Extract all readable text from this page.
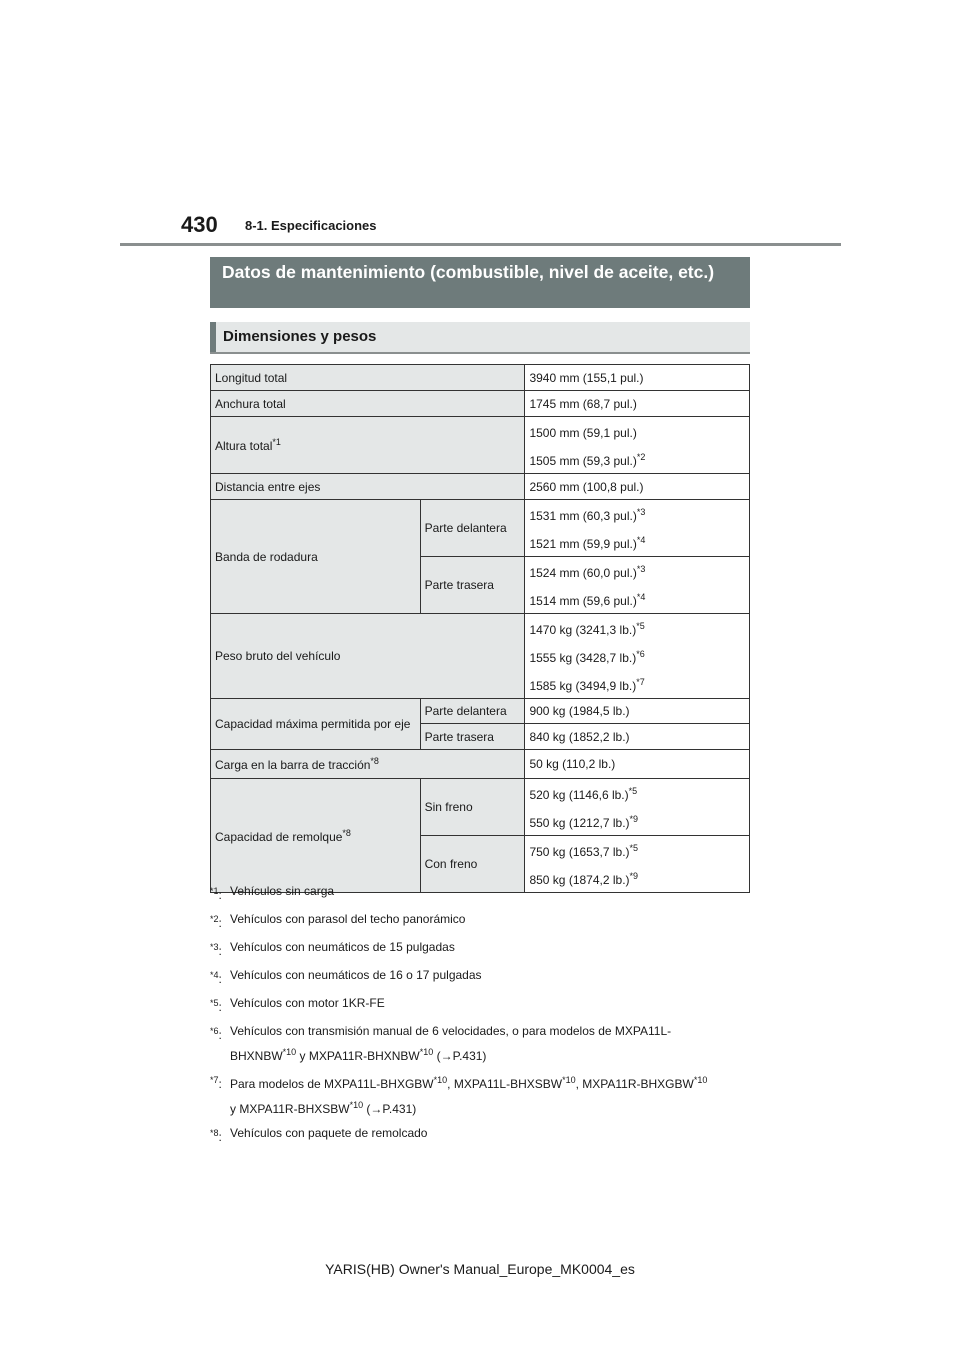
430 8-1. Especificaciones
Datos de mantenimiento (combustible, nivel de aceite, etc.)
Dimensiones y pesos
Longitud total		3940 mm (155,1 pul.)
Anchura total		1745 mm (68,7 pul.)
Altura total$^{*1}$		1500 mm (59,1 pul.)
1505 mm (59,3 pul.)$^{*2}$

Distancia entre ejes		2560 mm (100,8 pul.)
Banda de rodadura	Parte delantera	1531 mm (60,3 pul.)$^{*3}$
1521 mm (59,9 pul.)$^{*4}$

	Parte trasera	1524 mm (60,0 pul.)$^{*3}$
1514 mm (59,6 pul.)$^{*4}$

Peso bruto del vehículo		1470 kg (3241,3 lb.)$^{*5}$
1555 kg (3428,7 lb.)$^{*6}$
1585 kg (3494,9 lb.)$^{*7}$

Capacidad máxima permitida por eje	Parte delantera	900 kg (1984,5 lb.)
	Parte trasera	840 kg (1852,2 lb.)
Carga en la barra de tracción$^{*8}$		50 kg (110,2 lb.)
Capacidad de remolque$^{*8}$	Sin freno	520 kg (1146,6 lb.)$^{*5}$
550 kg (1212,7 lb.)$^{*9}$

	Con freno	750 kg (1653,7 lb.)$^{*5}$
850 kg (1874,2 lb.)$^{*9}$
$^{*1}$: Vehículos sin carga
$^{*2}$: Vehículos con parasol del techo panorámico
$^{*3}$: Vehículos con neumáticos de 15 pulgadas
$^{*4}$: Vehículos con neumáticos de 16 o 17 pulgadas
$^{*5}$: Vehículos con motor 1KR-FE
$^{*6}$: Vehículos con transmisión manual de 6 velocidades, o para modelos de MXPA11L-
BHXNBW$^{*10}$ y MXPA11R-BHXNBW$^{*10}$ (→P.431)
$^{*7}$: Para modelos de MXPA11L-BHXGBW$^{*10}$, MXPA11L-BHXSBW$^{*10}$, MXPA11R-BHXGBW$^{*10}$
y MXPA11R-BHXSBW$^{*10}$ (→P.431)
$^{*8}$: Vehículos con paquete de remolcado
YARIS(HB) Owner's Manual_Europe_MK0004_es
